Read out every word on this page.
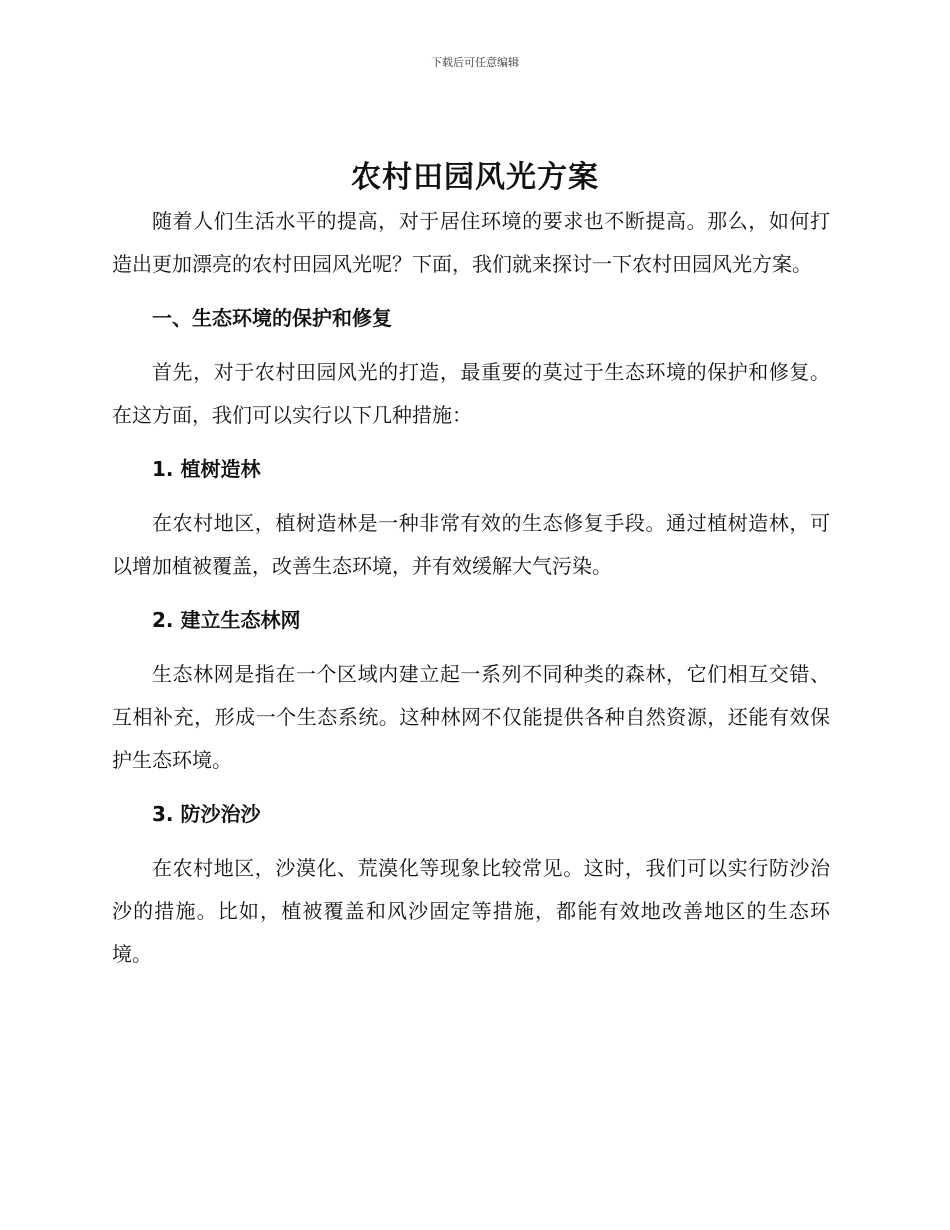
下载后可任意编辑
农村田园风光方案

随着人们生活水平的提高，对于居住环境的要求也不断提高。那么，如何打造出更加漂亮的农村田园风光呢？下面，我们就来探讨一下农村田园风光方案。

一、生态环境的保护和修复

首先，对于农村田园风光的打造，最重要的莫过于生态环境的保护和修复。在这方面，我们可以实行以下几种措施：

1. 植树造林

在农村地区，植树造林是一种非常有效的生态修复手段。通过植树造林，可以增加植被覆盖，改善生态环境，并有效缓解大气污染。

2. 建立生态林网

生态林网是指在一个区域内建立起一系列不同种类的森林，它们相互交错、互相补充，形成一个生态系统。这种林网不仅能提供各种自然资源，还能有效保护生态环境。

3. 防沙治沙

在农村地区，沙漠化、荒漠化等现象比较常见。这时，我们可以实行防沙治沙的措施。比如，植被覆盖和风沙固定等措施，都能有效地改善地区的生态环境。
